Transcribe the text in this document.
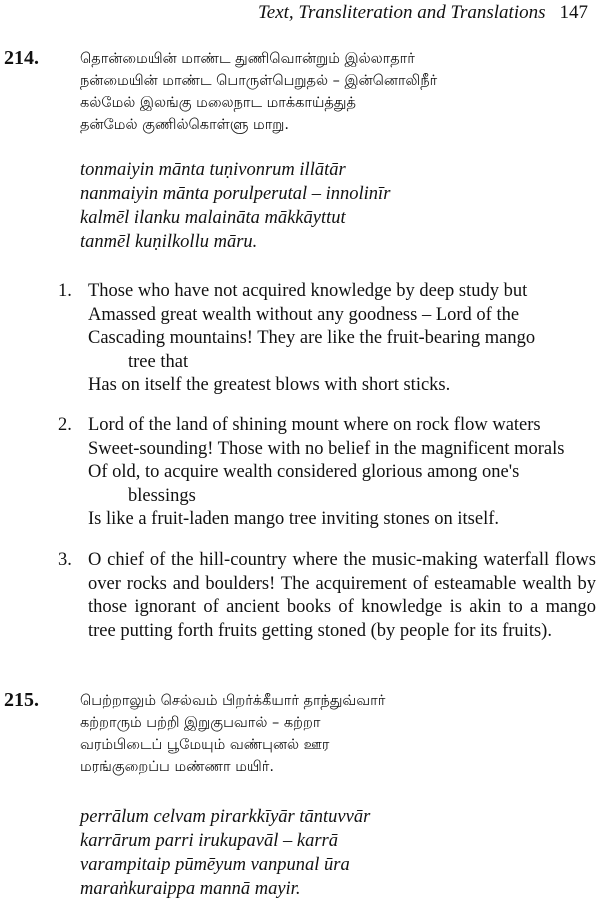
Text, Transliteration and Translations 147
214.	தொன்மையின் மாண்ட துணிவொன்றும் இல்லாதார்
நன்மையின் மாண்ட பொருள்பெறுதல் – இன்னொலிநீர்
கல்மேல் இலங்கு மலைநாட மாக்காய்த்துத்
தன்மேல் குணில்கொள்ளு மாறு.
tonmaiyin mānta tuṇivonrum illātār
nanmaiyin mānta porulperutal – innolinīr
kalmēl ilanku malaināta mākkāyttut
tanmēl kuṇilkollu māru.
1. Those who have not acquired knowledge by deep study but
Amassed great wealth without any goodness – Lord of the
Cascading mountains! They are like the fruit-bearing mango
tree that
Has on itself the greatest blows with short sticks.
2. Lord of the land of shining mount where on rock flow waters
Sweet-sounding! Those with no belief in the magnificent morals
Of old, to acquire wealth considered glorious among one's
blessings
Is like a fruit-laden mango tree inviting stones on itself.
3. O chief of the hill-country where the music-making waterfall flows over rocks and boulders! The acquirement of esteamable wealth by those ignorant of ancient books of knowledge is akin to a mango tree putting forth fruits getting stoned (by people for its fruits).
215.	பெற்றாலும் செல்வம் பிறர்க்கீயார் தாந்துவ்வார்
கற்றாரும் பற்றி இறுகுபவால் – கற்றா
வரம்பிடைப் பூமேயும் வண்புனல் ஊர
மரங்குறைப்ப மண்ணா மயிர்.
perrālum celvam pirarkkīyār tāntuvvār
karrārum parri irukupavāl – karrā
varampitaip pūmēyum vanpunal ūra
maraṅkuraippa mannā mayir.
